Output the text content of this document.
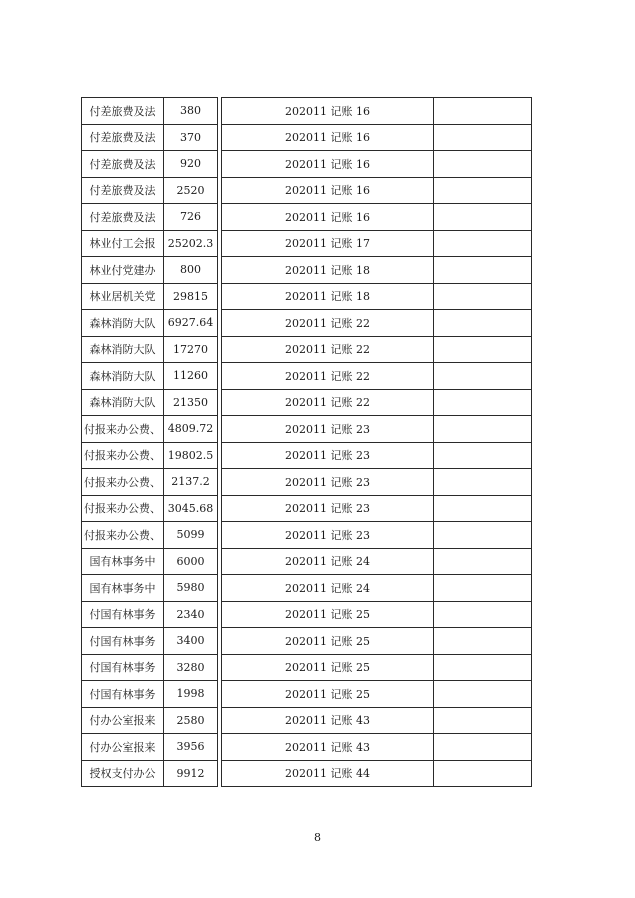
付差旅费及法	380		202011 记账 16	
付差旅费及法	370		202011 记账 16	
付差旅费及法	920		202011 记账 16	
付差旅费及法	2520		202011 记账 16	
付差旅费及法	726		202011 记账 16	
林业付工会报	25202.3		202011 记账 17	
林业付党建办	800		202011 记账 18	
林业居机关党	29815		202011 记账 18	
森林消防大队	6927.64		202011 记账 22	
森林消防大队	17270		202011 记账 22	
森林消防大队	11260		202011 记账 22	
森林消防大队	21350		202011 记账 22	
付报来办公费、	4809.72		202011 记账 23	
付报来办公费、	19802.5		202011 记账 23	
付报来办公费、	2137.2		202011 记账 23	
付报来办公费、	3045.68		202011 记账 23	
付报来办公费、	5099		202011 记账 23	
国有林事务中	6000		202011 记账 24	
国有林事务中	5980		202011 记账 24	
付国有林事务	2340		202011 记账 25	
付国有林事务	3400		202011 记账 25	
付国有林事务	3280		202011 记账 25	
付国有林事务	1998		202011 记账 25	
付办公室报来	2580		202011 记账 43	
付办公室报来	3956		202011 记账 43	
授权支付办公	9912		202011 记账 44	
8
